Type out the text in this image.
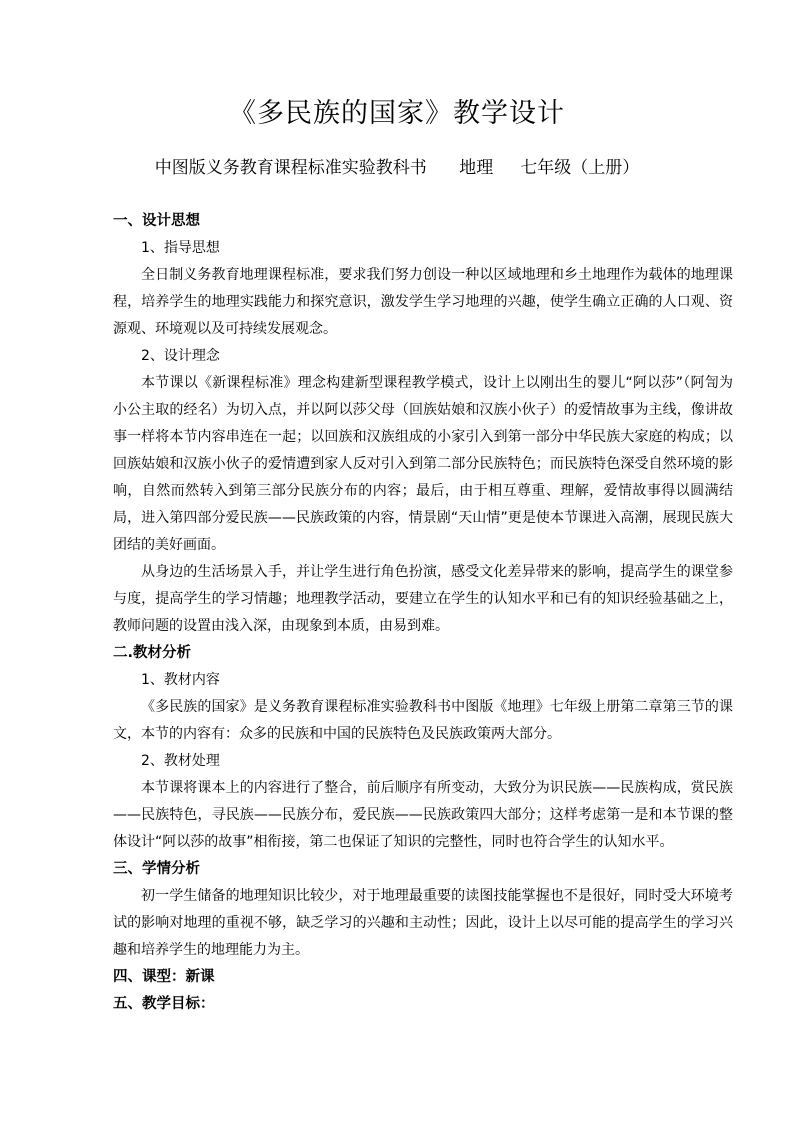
《多民族的国家》教学设计
中图版义务教育课程标准实验教科书      地理     七年级（上册）

一、设计思想

1、指导思想

全日制义务教育地理课程标准，要求我们努力创设一种以区域地理和乡土地理作为载体的地理课程，培养学生的地理实践能力和探究意识，激发学生学习地理的兴趣，使学生确立正确的人口观、资源观、环境观以及可持续发展观念。

2、设计理念

本节课以《新课程标准》理念构建新型课程教学模式，设计上以刚出生的婴儿“阿以莎”（阿訇为小公主取的经名）为切入点，并以阿以莎父母（回族姑娘和汉族小伙子）的爱情故事为主线，像讲故事一样将本节内容串连在一起；以回族和汉族组成的小家引入到第一部分中华民族大家庭的构成；以回族姑娘和汉族小伙子的爱情遭到家人反对引入到第二部分民族特色；而民族特色深受自然环境的影响，自然而然转入到第三部分民族分布的内容；最后，由于相互尊重、理解，爱情故事得以圆满结局，进入第四部分爱民族——民族政策的内容，情景剧“天山情”更是使本节课进入高潮，展现民族大团结的美好画面。

从身边的生活场景入手，并让学生进行角色扮演，感受文化差异带来的影响，提高学生的课堂参与度，提高学生的学习情趣；地理教学活动，要建立在学生的认知水平和已有的知识经验基础之上，教师问题的设置由浅入深，由现象到本质，由易到难。

二.教材分析

1、教材内容

《多民族的国家》是义务教育课程标准实验教科书中图版《地理》七年级上册第二章第三节的课文，本节的内容有：众多的民族和中国的民族特色及民族政策两大部分。

2、教材处理

本节课将课本上的内容进行了整合，前后顺序有所变动，大致分为识民族——民族构成，赏民族——民族特色，寻民族——民族分布，爱民族——民族政策四大部分；这样考虑第一是和本节课的整体设计“阿以莎的故事”相衔接，第二也保证了知识的完整性，同时也符合学生的认知水平。

三、学情分析

初一学生储备的地理知识比较少，对于地理最重要的读图技能掌握也不是很好，同时受大环境考试的影响对地理的重视不够，缺乏学习的兴趣和主动性；因此，设计上以尽可能的提高学生的学习兴趣和培养学生的地理能力为主。

四、课型：新课

五、教学目标：
